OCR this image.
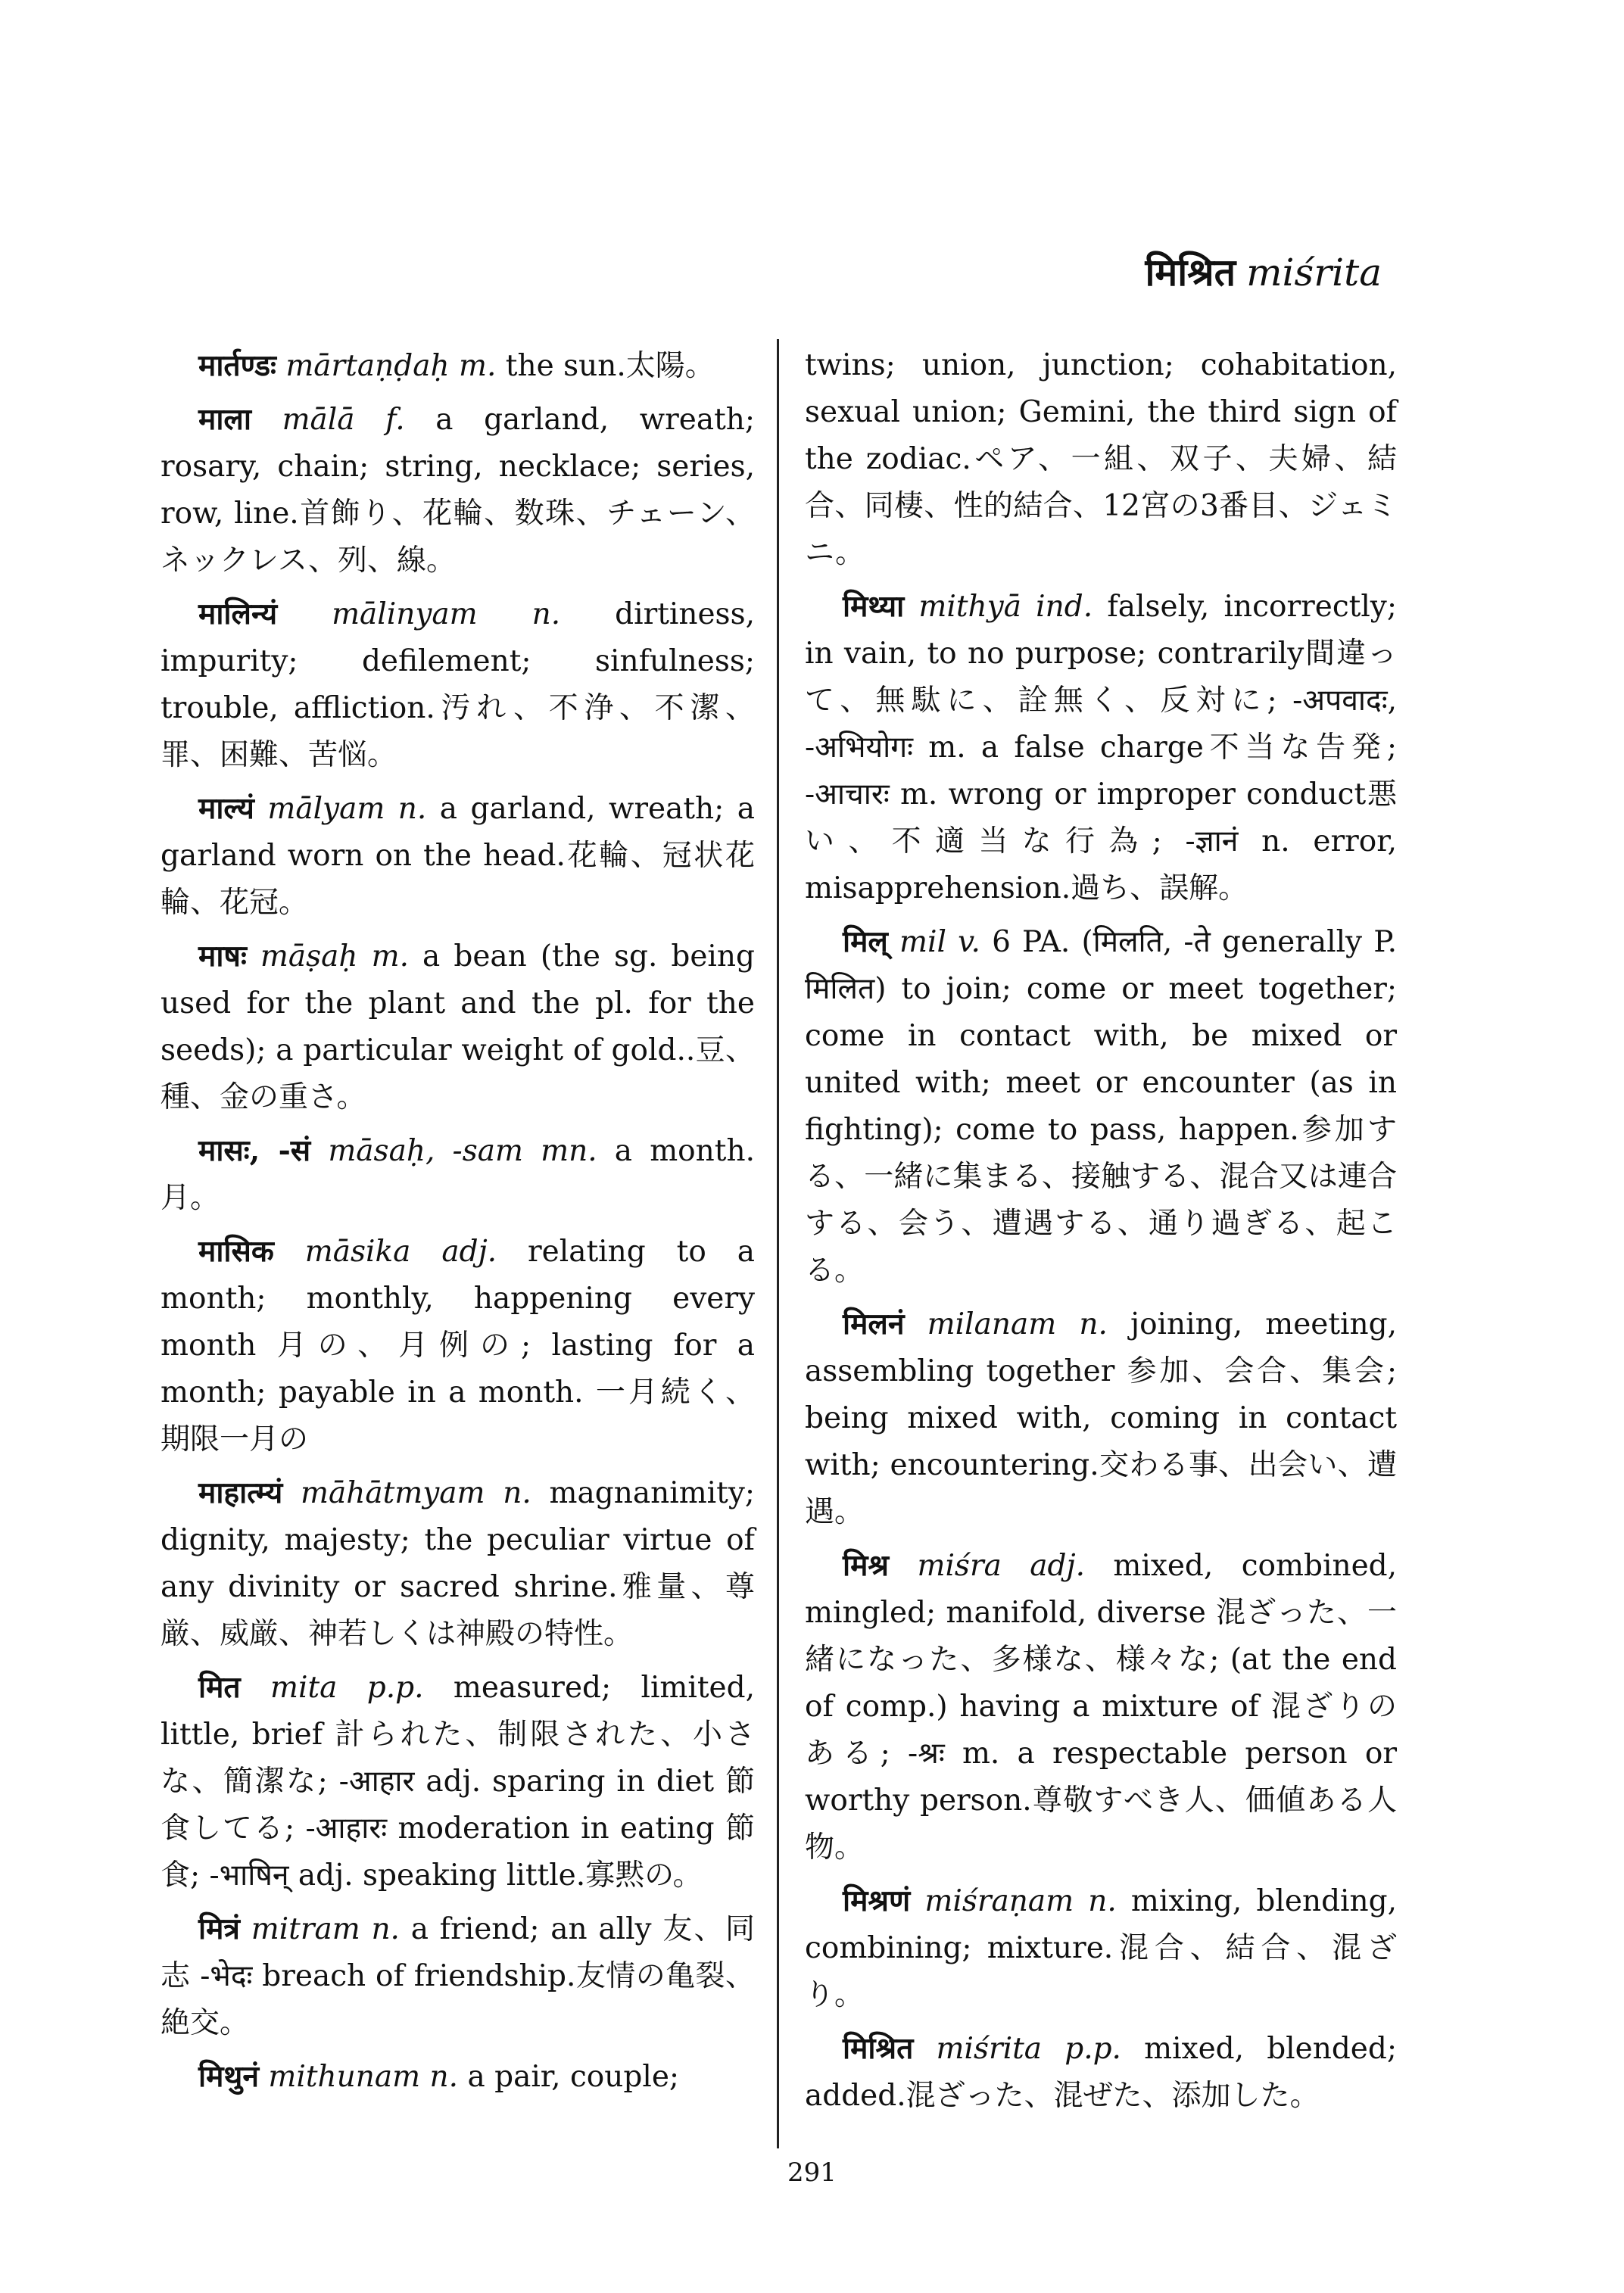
मिश्रित miśrita

मार्तण्डः mārtaṇḍaḥ m. the sun.太陽。

माला mālā f. a garland, wreath; rosary, chain; string, necklace; series, row, line.首飾り、花輪、数珠、チェーン、ネックレス、列、線。

मालिन्यं mālinyam n. dirtiness, impurity; defilement; sinfulness; trouble, affliction.汚れ、不浄、不潔、罪、困難、苦悩。

माल्यं mālyam n. a garland, wreath; a garland worn on the head.花輪、冠状花輪、花冠。

माषः māṣaḥ m. a bean (the sg. being used for the plant and the pl. for the seeds); a particular weight of gold..豆、種、金の重さ。

मासः, -सं māsaḥ, -sam mn. a month. 月。

मासिक māsika adj. relating to a month; monthly, happening every month 月の、月例の; lasting for a month; payable in a month. 一月続く、期限一月の

माहात्म्यं māhātmyam n. magnanimity; dignity, majesty; the peculiar virtue of any divinity or sacred shrine.雅量、尊厳、威厳、神若しくは神殿の特性。

मित mita p.p. measured; limited, little, brief 計られた、制限された、小さな、簡潔な; -आहार adj. sparing in diet 節食してる; -आहारः moderation in eating 節食; -भाषिन् adj. speaking little.寡黙の。

मित्रं mitram n. a friend; an ally 友、同志 -भेदः breach of friendship.友情の亀裂、絶交。

मिथुनं mithunam n. a pair, couple;

twins; union, junction; cohabitation, sexual union; Gemini, the third sign of the zodiac.ペア、一組、双子、夫婦、結合、同棲、性的結合、12宮の3番目、ジェミニ。

मिथ्या mithyā ind. falsely, incorrectly; in vain, to no purpose; contrarily間違って、無駄に、詮無く、反対に; -अपवादः, -अभियोगः m. a false charge不当な告発; -आचारः m. wrong or improper conduct悪い、不適当な行為; -ज्ञानं n. error, misapprehension.過ち、誤解。

मिल् mil v. 6 PA. (मिलति, -ते generally P. मिलित) to join; come or meet together; come in contact with, be mixed or united with; meet or encounter (as in fighting); come to pass, happen.参加する、一緒に集まる、接触する、混合又は連合する、会う、遭遇する、通り過ぎる、起こる。

मिलनं milanam n. joining, meeting, assembling together 参加、会合、集会; being mixed with, coming in contact with; encountering.交わる事、出会い、遭遇。

मिश्र miśra adj. mixed, combined, mingled; manifold, diverse 混ざった、一緒になった、多様な、様々な; (at the end of comp.) having a mixture of 混ざりのある; -श्रः m. a respectable person or worthy person.尊敬すべき人、価値ある人物。

मिश्रणं miśraṇam n. mixing, blending, combining; mixture.混合、結合、混ざり。

मिश्रित miśrita p.p. mixed, blended; added.混ざった、混ぜた、添加した。

291
